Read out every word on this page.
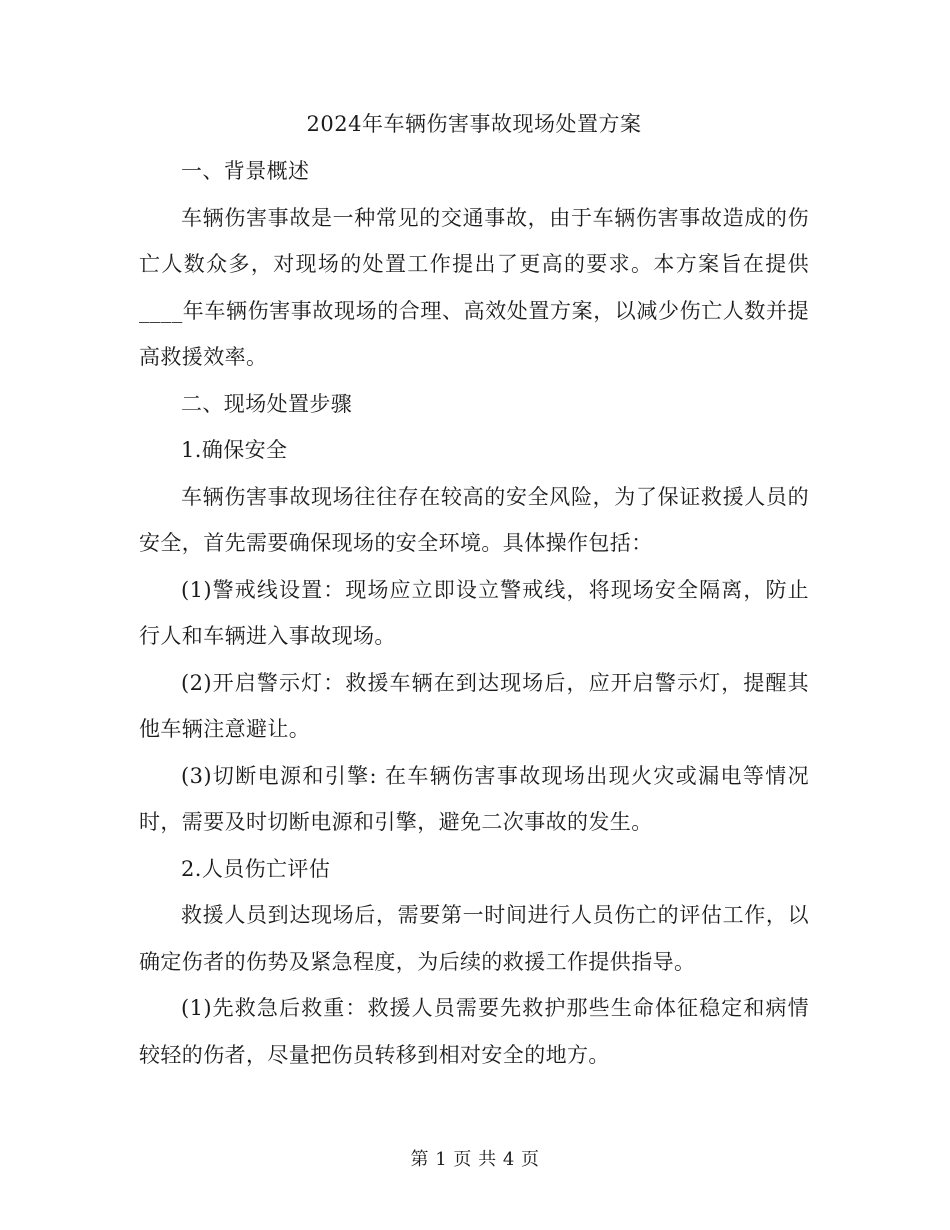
2024年车辆伤害事故现场处置方案

一、背景概述

车辆伤害事故是一种常见的交通事故，由于车辆伤害事故造成的伤亡人数众多，对现场的处置工作提出了更高的要求。本方案旨在提供____年车辆伤害事故现场的合理、高效处置方案，以减少伤亡人数并提高救援效率。

二、现场处置步骤

1.确保安全

车辆伤害事故现场往往存在较高的安全风险，为了保证救援人员的安全，首先需要确保现场的安全环境。具体操作包括：

(1)警戒线设置：现场应立即设立警戒线，将现场安全隔离，防止行人和车辆进入事故现场。

(2)开启警示灯：救援车辆在到达现场后，应开启警示灯，提醒其他车辆注意避让。

(3)切断电源和引擎: 在车辆伤害事故现场出现火灾或漏电等情况时，需要及时切断电源和引擎，避免二次事故的发生。

2.人员伤亡评估

救援人员到达现场后，需要第一时间进行人员伤亡的评估工作，以确定伤者的伤势及紧急程度，为后续的救援工作提供指导。

(1)先救急后救重：救援人员需要先救护那些生命体征稳定和病情较轻的伤者，尽量把伤员转移到相对安全的地方。

第 1 页 共 4 页
